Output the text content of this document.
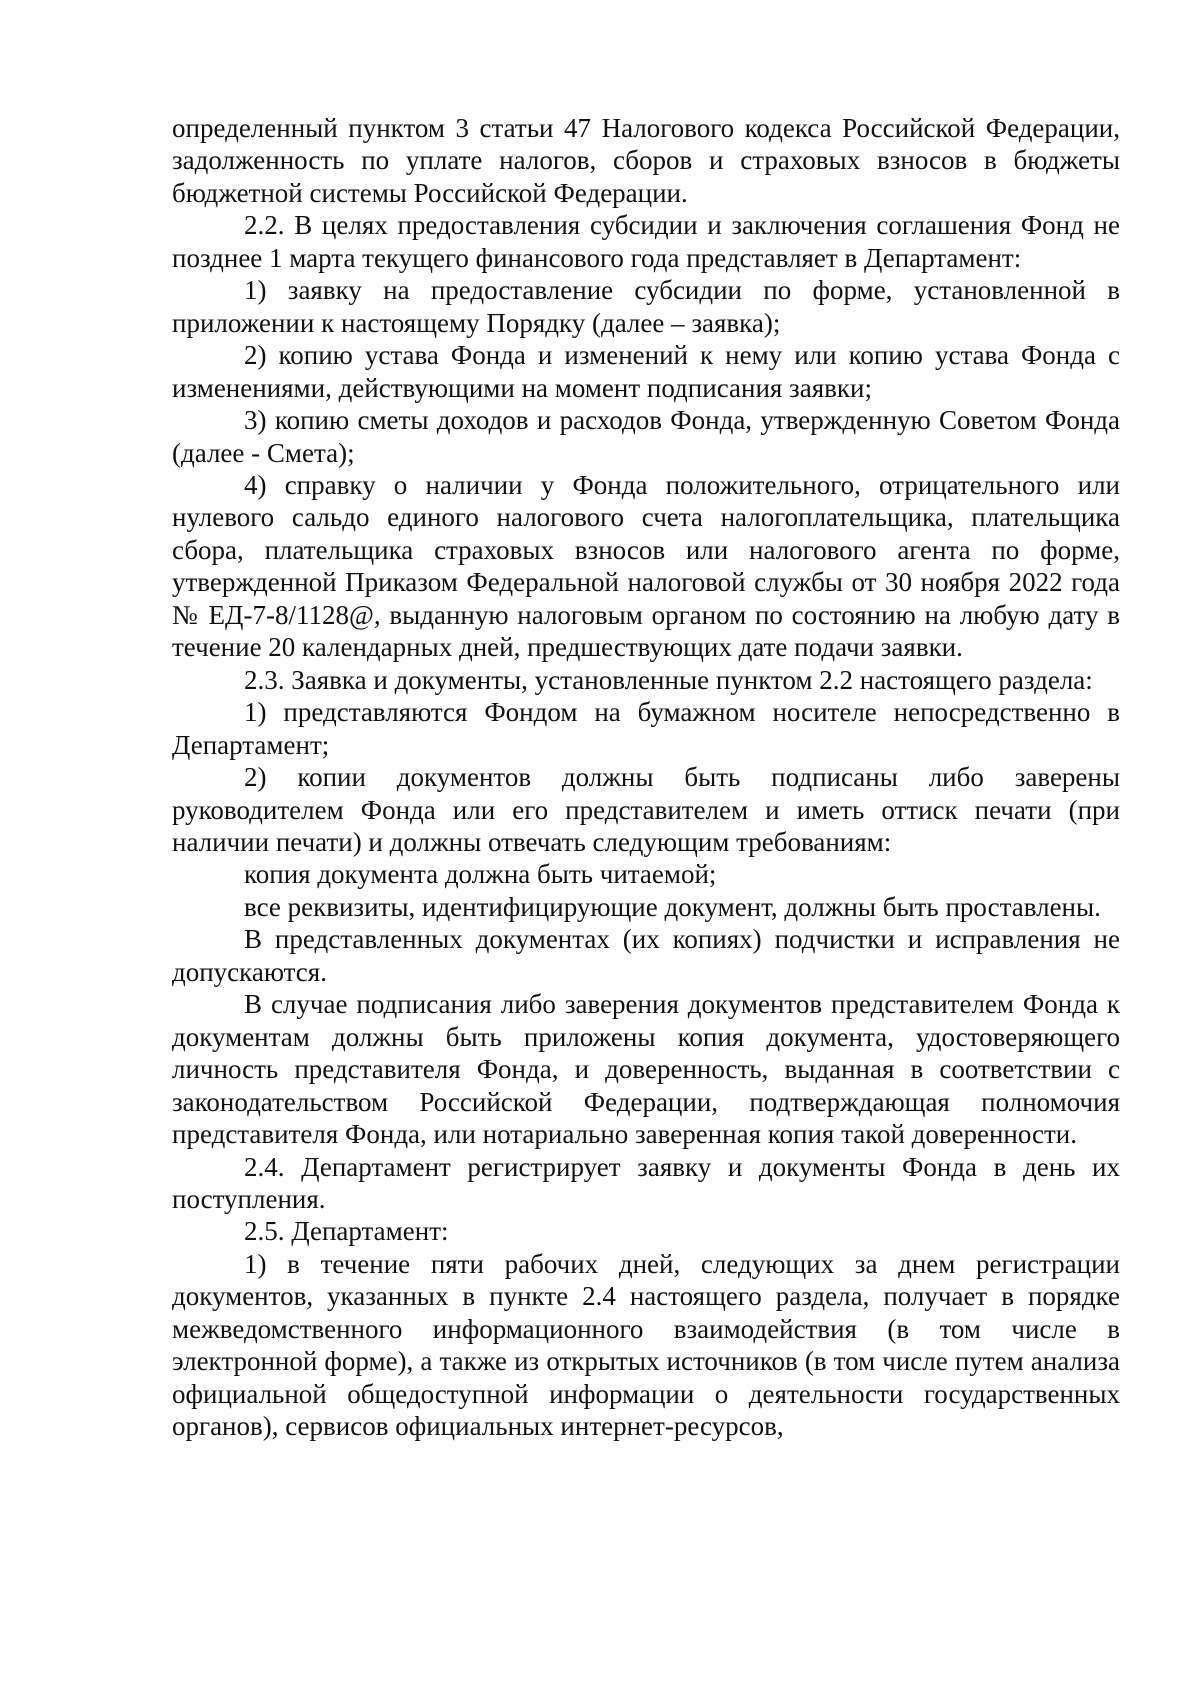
определенный пунктом 3 статьи 47 Налогового кодекса Российской Федерации, задолженность по уплате налогов, сборов и страховых взносов в бюджеты бюджетной системы Российской Федерации.

2.2. В целях предоставления субсидии и заключения соглашения Фонд не позднее 1 марта текущего финансового года представляет в Департамент:

1) заявку на предоставление субсидии по форме, установленной в приложении к настоящему Порядку (далее – заявка);

2) копию устава Фонда и изменений к нему или копию устава Фонда с изменениями, действующими на момент подписания заявки;

3) копию сметы доходов и расходов Фонда, утвержденную Советом Фонда (далее - Смета);

4) справку о наличии у Фонда положительного, отрицательного или нулевого сальдо единого налогового счета налогоплательщика, плательщика сбора, плательщика страховых взносов или налогового агента по форме, утвержденной Приказом Федеральной налоговой службы от 30 ноября 2022 года № ЕД-7-8/1128@, выданную налоговым органом по состоянию на любую дату в течение 20 календарных дней, предшествующих дате подачи заявки.

2.3. Заявка и документы, установленные пунктом 2.2 настоящего раздела:

1) представляются Фондом на бумажном носителе непосредственно в Департамент;

2) копии документов должны быть подписаны либо заверены руководителем Фонда или его представителем и иметь оттиск печати (при наличии печати) и должны отвечать следующим требованиям:

копия документа должна быть читаемой;

все реквизиты, идентифицирующие документ, должны быть проставлены.

В представленных документах (их копиях) подчистки и исправления не допускаются.

В случае подписания либо заверения документов представителем Фонда к документам должны быть приложены копия документа, удостоверяющего личность представителя Фонда, и доверенность, выданная в соответствии с законодательством Российской Федерации, подтверждающая полномочия представителя Фонда, или нотариально заверенная копия такой доверенности.

2.4. Департамент регистрирует заявку и документы Фонда в день их поступления.

2.5. Департамент:

1) в течение пяти рабочих дней, следующих за днем регистрации документов, указанных в пункте 2.4 настоящего раздела, получает в порядке межведомственного информационного взаимодействия (в том числе в электронной форме), а также из открытых источников (в том числе путем анализа официальной общедоступной информации о деятельности государственных органов), сервисов официальных интернет-ресурсов,
